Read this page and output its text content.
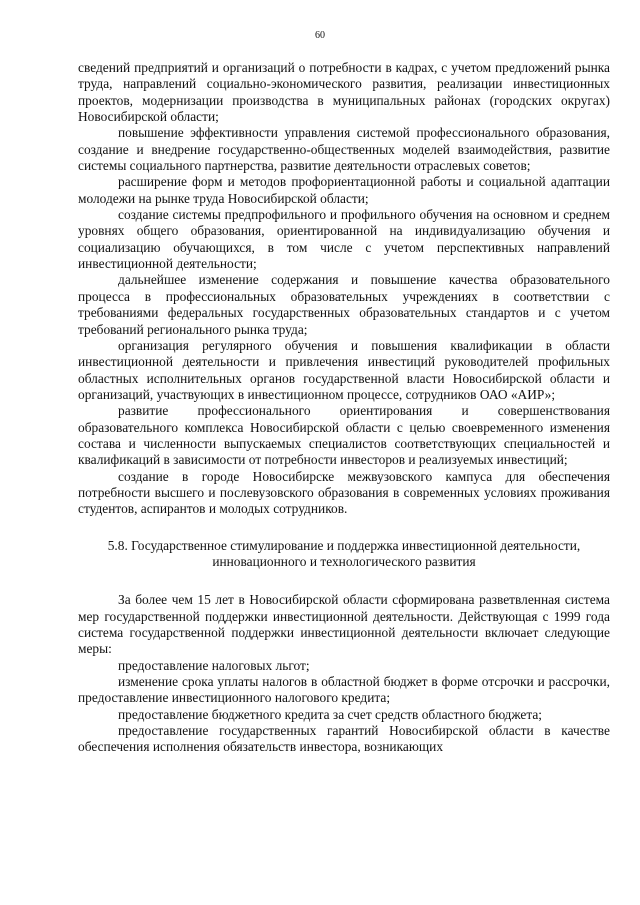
60

сведений предприятий и организаций о потребности в кадрах, с учетом предложений рынка труда, направлений социально-экономического развития, реализации инвестиционных проектов, модернизации производства в муниципальных районах (городских округах) Новосибирской области;

повышение эффективности управления системой профессионального образования, создание и внедрение государственно-общественных моделей взаимодействия, развитие системы социального партнерства, развитие деятельности отраслевых советов;

расширение форм и методов профориентационной работы и социальной адаптации молодежи на рынке труда Новосибирской области;

создание системы предпрофильного и профильного обучения на основном и среднем уровнях общего образования, ориентированной на индивидуализацию обучения и социализацию обучающихся, в том числе с учетом перспективных направлений инвестиционной деятельности;

дальнейшее изменение содержания и повышение качества образовательного процесса в профессиональных образовательных учреждениях в соответствии с требованиями федеральных государственных образовательных стандартов и с учетом требований регионального рынка труда;

организация регулярного обучения и повышения квалификации в области инвестиционной деятельности и привлечения инвестиций руководителей профильных областных исполнительных органов государственной власти Новосибирской области и организаций, участвующих в инвестиционном процессе, сотрудников ОАО «АИР»;

развитие профессионального ориентирования и совершенствования образовательного комплекса Новосибирской области с целью своевременного изменения состава и численности выпускаемых специалистов соответствующих специальностей и квалификаций в зависимости от потребности инвесторов и реализуемых инвестиций;

создание в городе Новосибирске межвузовского кампуса для обеспечения потребности высшего и послевузовского образования в современных условиях проживания студентов, аспирантов и молодых сотрудников.

5.8. Государственное стимулирование и поддержка инвестиционной деятельности,
инновационного и технологического развития

За более чем 15 лет в Новосибирской области сформирована разветвленная система мер государственной поддержки инвестиционной деятельности. Действующая с 1999 года система государственной поддержки инвестиционной деятельности включает следующие меры:

предоставление налоговых льгот;

изменение срока уплаты налогов в областной бюджет в форме отсрочки и рассрочки, предоставление инвестиционного налогового кредита;

предоставление бюджетного кредита за счет средств областного бюджета;

предоставление государственных гарантий Новосибирской области в качестве обеспечения исполнения обязательств инвестора, возникающих
